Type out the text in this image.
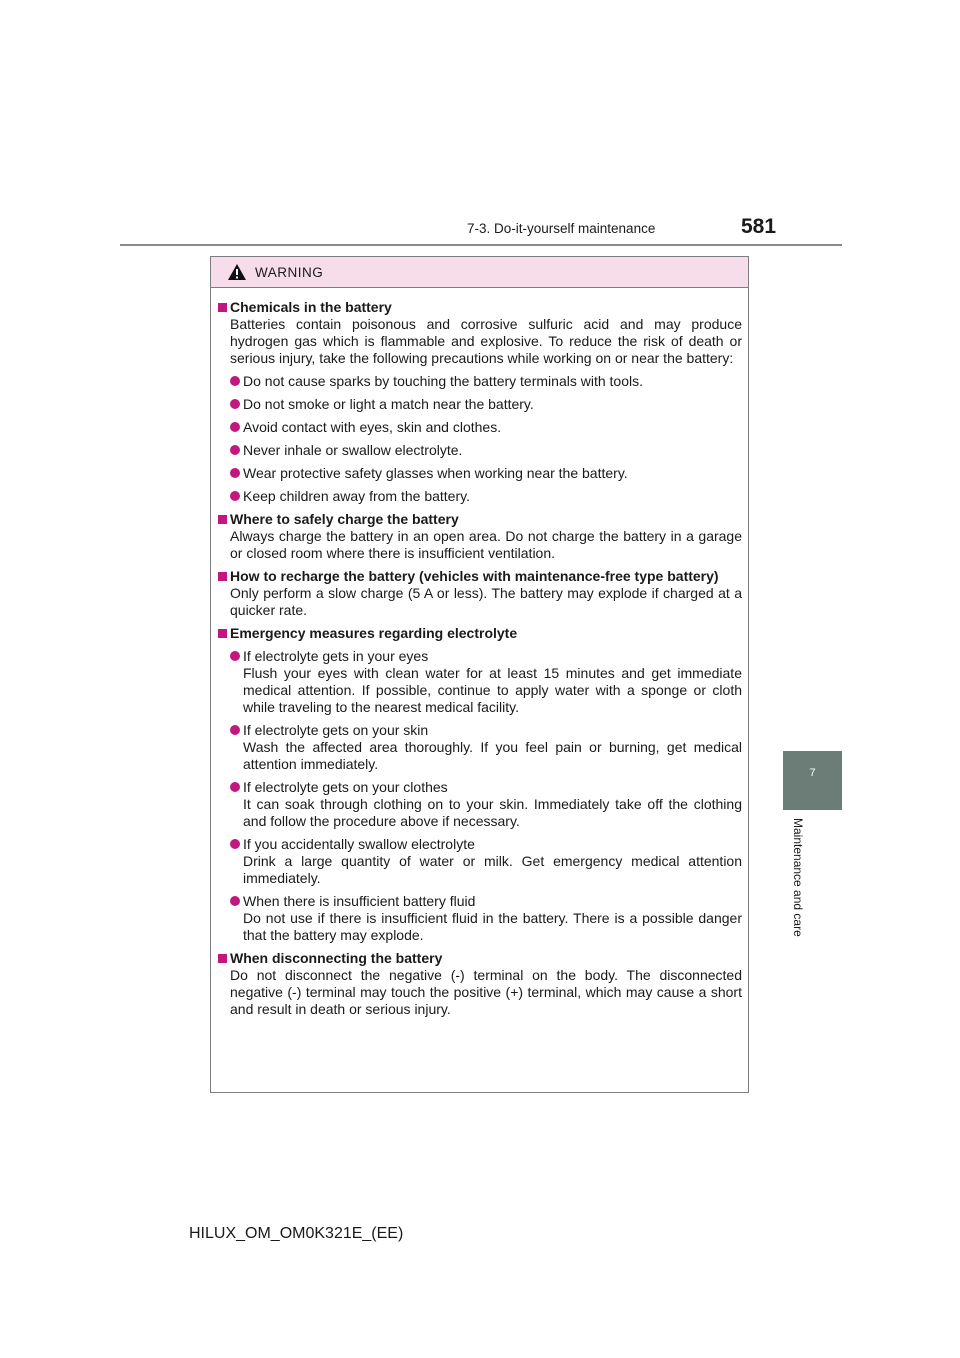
7-3. Do-it-yourself maintenance	581
7
Maintenance and care
WARNING
Chemicals in the battery
Batteries contain poisonous and corrosive sulfuric acid and may produce hydrogen gas which is flammable and explosive. To reduce the risk of death or serious injury, take the following precautions while working on or near the battery:
Do not cause sparks by touching the battery terminals with tools.
Do not smoke or light a match near the battery.
Avoid contact with eyes, skin and clothes.
Never inhale or swallow electrolyte.
Wear protective safety glasses when working near the battery.
Keep children away from the battery.
Where to safely charge the battery
Always charge the battery in an open area. Do not charge the battery in a garage or closed room where there is insufficient ventilation.
How to recharge the battery (vehicles with maintenance-free type battery)
Only perform a slow charge (5 A or less). The battery may explode if charged at a quicker rate.
Emergency measures regarding electrolyte
If electrolyte gets in your eyes
Flush your eyes with clean water for at least 15 minutes and get immediate medical attention. If possible, continue to apply water with a sponge or cloth while traveling to the nearest medical facility.
If electrolyte gets on your skin
Wash the affected area thoroughly. If you feel pain or burning, get medical attention immediately.
If electrolyte gets on your clothes
It can soak through clothing on to your skin. Immediately take off the clothing and follow the procedure above if necessary.
If you accidentally swallow electrolyte
Drink a large quantity of water or milk. Get emergency medical attention immediately.
When there is insufficient battery fluid
Do not use if there is insufficient fluid in the battery. There is a possible danger that the battery may explode.
When disconnecting the battery
Do not disconnect the negative (-) terminal on the body. The disconnected negative (-) terminal may touch the positive (+) terminal, which may cause a short and result in death or serious injury.
HILUX_OM_OM0K321E_(EE)
